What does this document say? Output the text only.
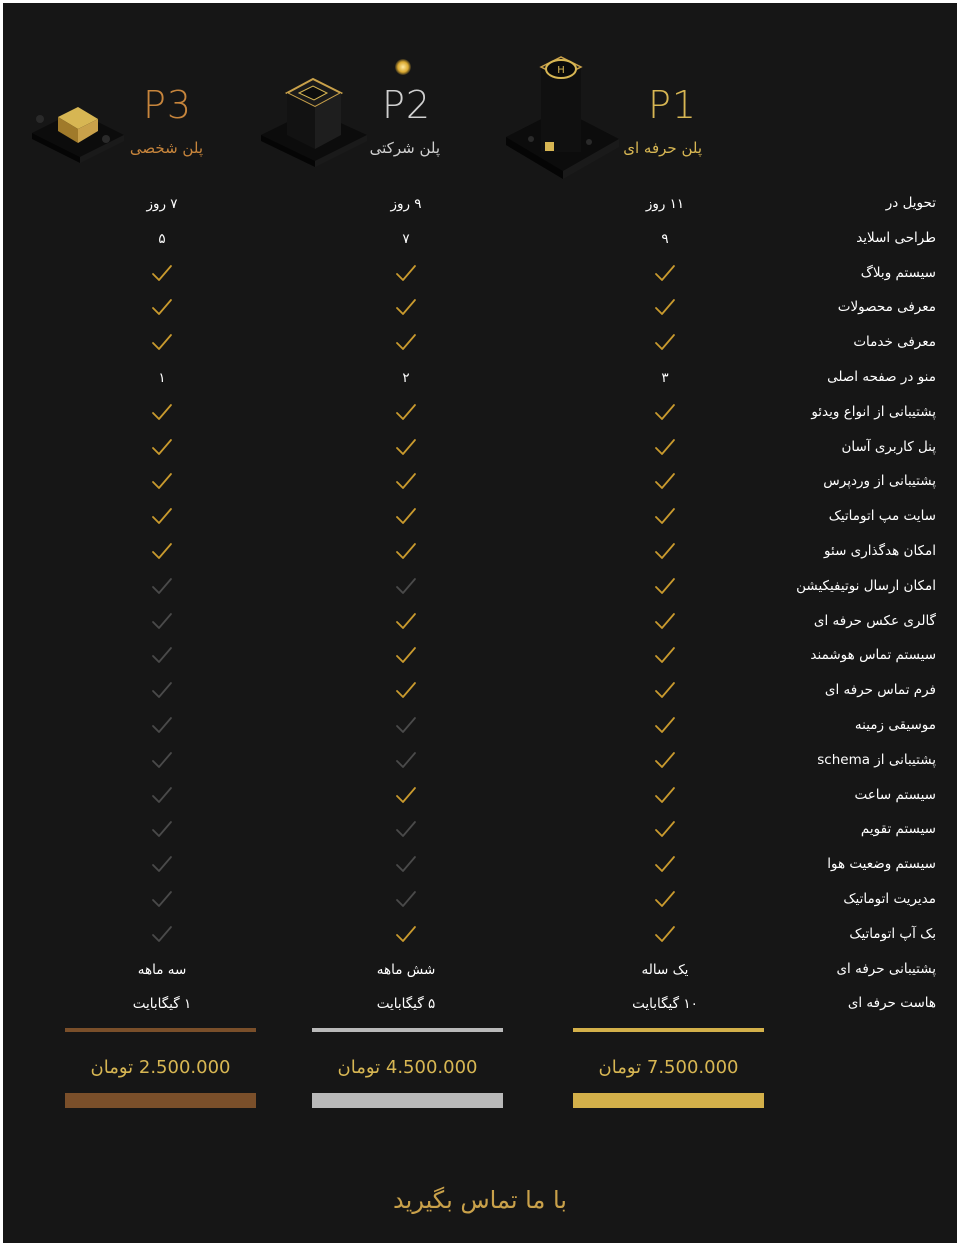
H
P1
پلن حرفه ای
P2
پلن شرکتی
P3
پلن شخصی
تحویل در
۱۱ روز
۹ روز
۷ روز
طراحی اسلاید
۹
۷
۵
سیستم وبلاگ
معرفی محصولات
معرفی خدمات
منو در صفحه اصلی
۳
۲
۱
پشتیبانی از انواع ویدئو
پنل کاربری آسان
پشتیبانی از وردپرس
سایت مپ اتوماتیک
امکان هدگذاری سئو
امکان ارسال نوتیفیکیشن
گالری عکس حرفه ای
سیستم تماس هوشمند
فرم تماس حرفه ای
موسیقی زمینه
پشتیبانی از schema
سیستم ساعت
سیستم تقویم
سیستم وضعیت هوا
مدیریت اتوماتیک
بک آپ اتوماتیک
پشتیبانی حرفه ای
یک ساله
شش ماهه
سه ماهه
هاست حرفه ای
۱۰ گیگابایت
۵ گیگابایت
۱ گیگابایت
7.500.000 تومان
4.500.000 تومان
2.500.000 تومان
با ما تماس بگیرید
